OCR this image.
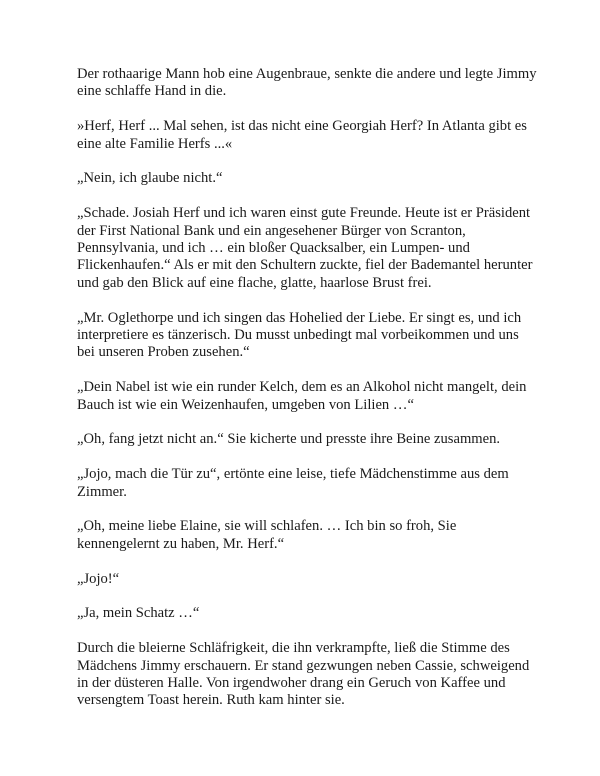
Der rothaarige Mann hob eine Augenbraue, senkte die andere und legte Jimmy eine schlaffe Hand in die.

»Herf, Herf ... Mal sehen, ist das nicht eine Georgiah Herf? In Atlanta gibt es eine alte Familie Herfs ...«

„Nein, ich glaube nicht.“

„Schade. Josiah Herf und ich waren einst gute Freunde. Heute ist er Präsident der First National Bank und ein angesehener Bürger von Scranton, Pennsylvania, und ich … ein bloßer Quacksalber, ein Lumpen- und Flickenhaufen.“ Als er mit den Schultern zuckte, fiel der Bademantel herunter und gab den Blick auf eine flache, glatte, haarlose Brust frei.

„Mr. Oglethorpe und ich singen das Hohelied der Liebe. Er singt es, und ich interpretiere es tänzerisch. Du musst unbedingt mal vorbeikommen und uns bei unseren Proben zusehen.“

„Dein Nabel ist wie ein runder Kelch, dem es an Alkohol nicht mangelt, dein Bauch ist wie ein Weizenhaufen, umgeben von Lilien …“

„Oh, fang jetzt nicht an.“ Sie kicherte und presste ihre Beine zusammen.

„Jojo, mach die Tür zu“, ertönte eine leise, tiefe Mädchenstimme aus dem Zimmer.

„Oh, meine liebe Elaine, sie will schlafen. … Ich bin so froh, Sie kennengelernt zu haben, Mr. Herf.“

„Jojo!“

„Ja, mein Schatz …“

Durch die bleierne Schläfrigkeit, die ihn verkrampfte, ließ die Stimme des Mädchens Jimmy erschauern. Er stand gezwungen neben Cassie, schweigend in der düsteren Halle. Von irgendwoher drang ein Geruch von Kaffee und versengtem Toast herein. Ruth kam hinter sie.
